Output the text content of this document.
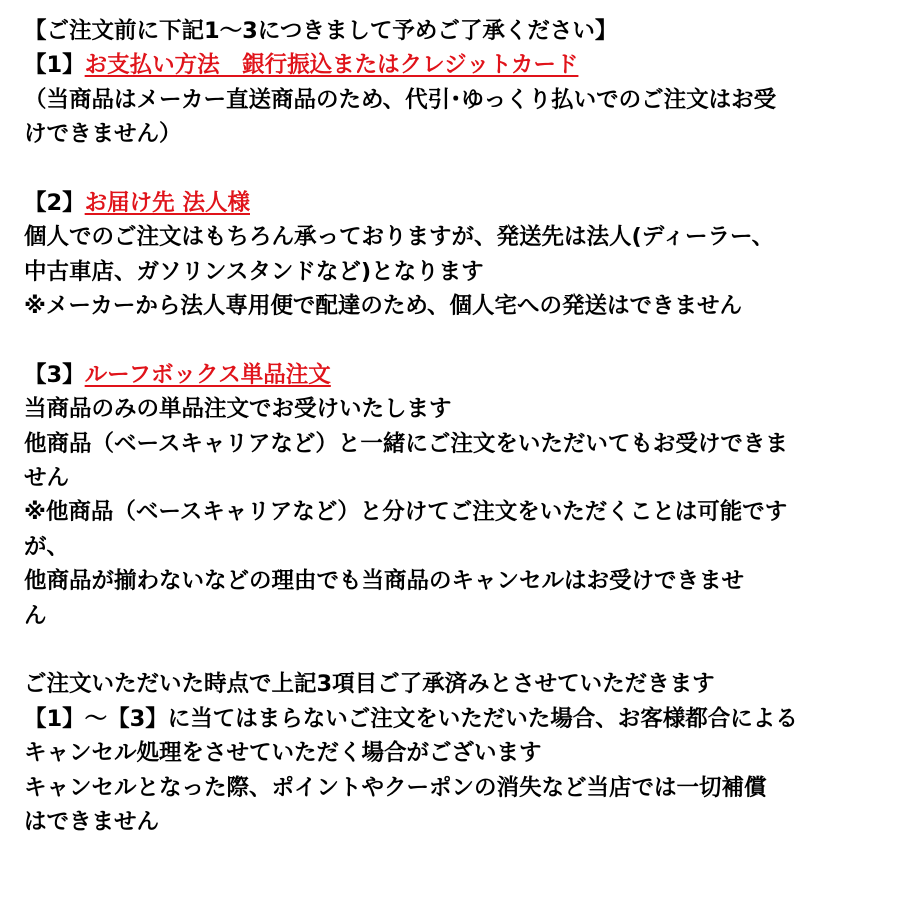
【ご注文前に下記1～3につきまして予めご了承ください】
【1】お支払い方法　銀行振込またはクレジットカード
（当商品はメーカー直送商品のため、代引･ゆっくり払いでのご注文はお受
けできません）
【2】お届け先 法人様
個人でのご注文はもちろん承っておりますが、発送先は法人(ディーラー、
中古車店、ガソリンスタンドなど)となります
※メーカーから法人専用便で配達のため、個人宅への発送はできません
【3】ルーフボックス単品注文
当商品のみの単品注文でお受けいたします
他商品（ベースキャリアなど）と一緒にご注文をいただいてもお受けできま
せん
※他商品（ベースキャリアなど）と分けてご注文をいただくことは可能です
が、
他商品が揃わないなどの理由でも当商品のキャンセルはお受けできませ
ん
ご注文いただいた時点で上記3項目ご了承済みとさせていただきます
【1】～【3】に当てはまらないご注文をいただいた場合、お客様都合による
キャンセル処理をさせていただく場合がございます
キャンセルとなった際、ポイントやクーポンの消失など当店では一切補償
はできません
